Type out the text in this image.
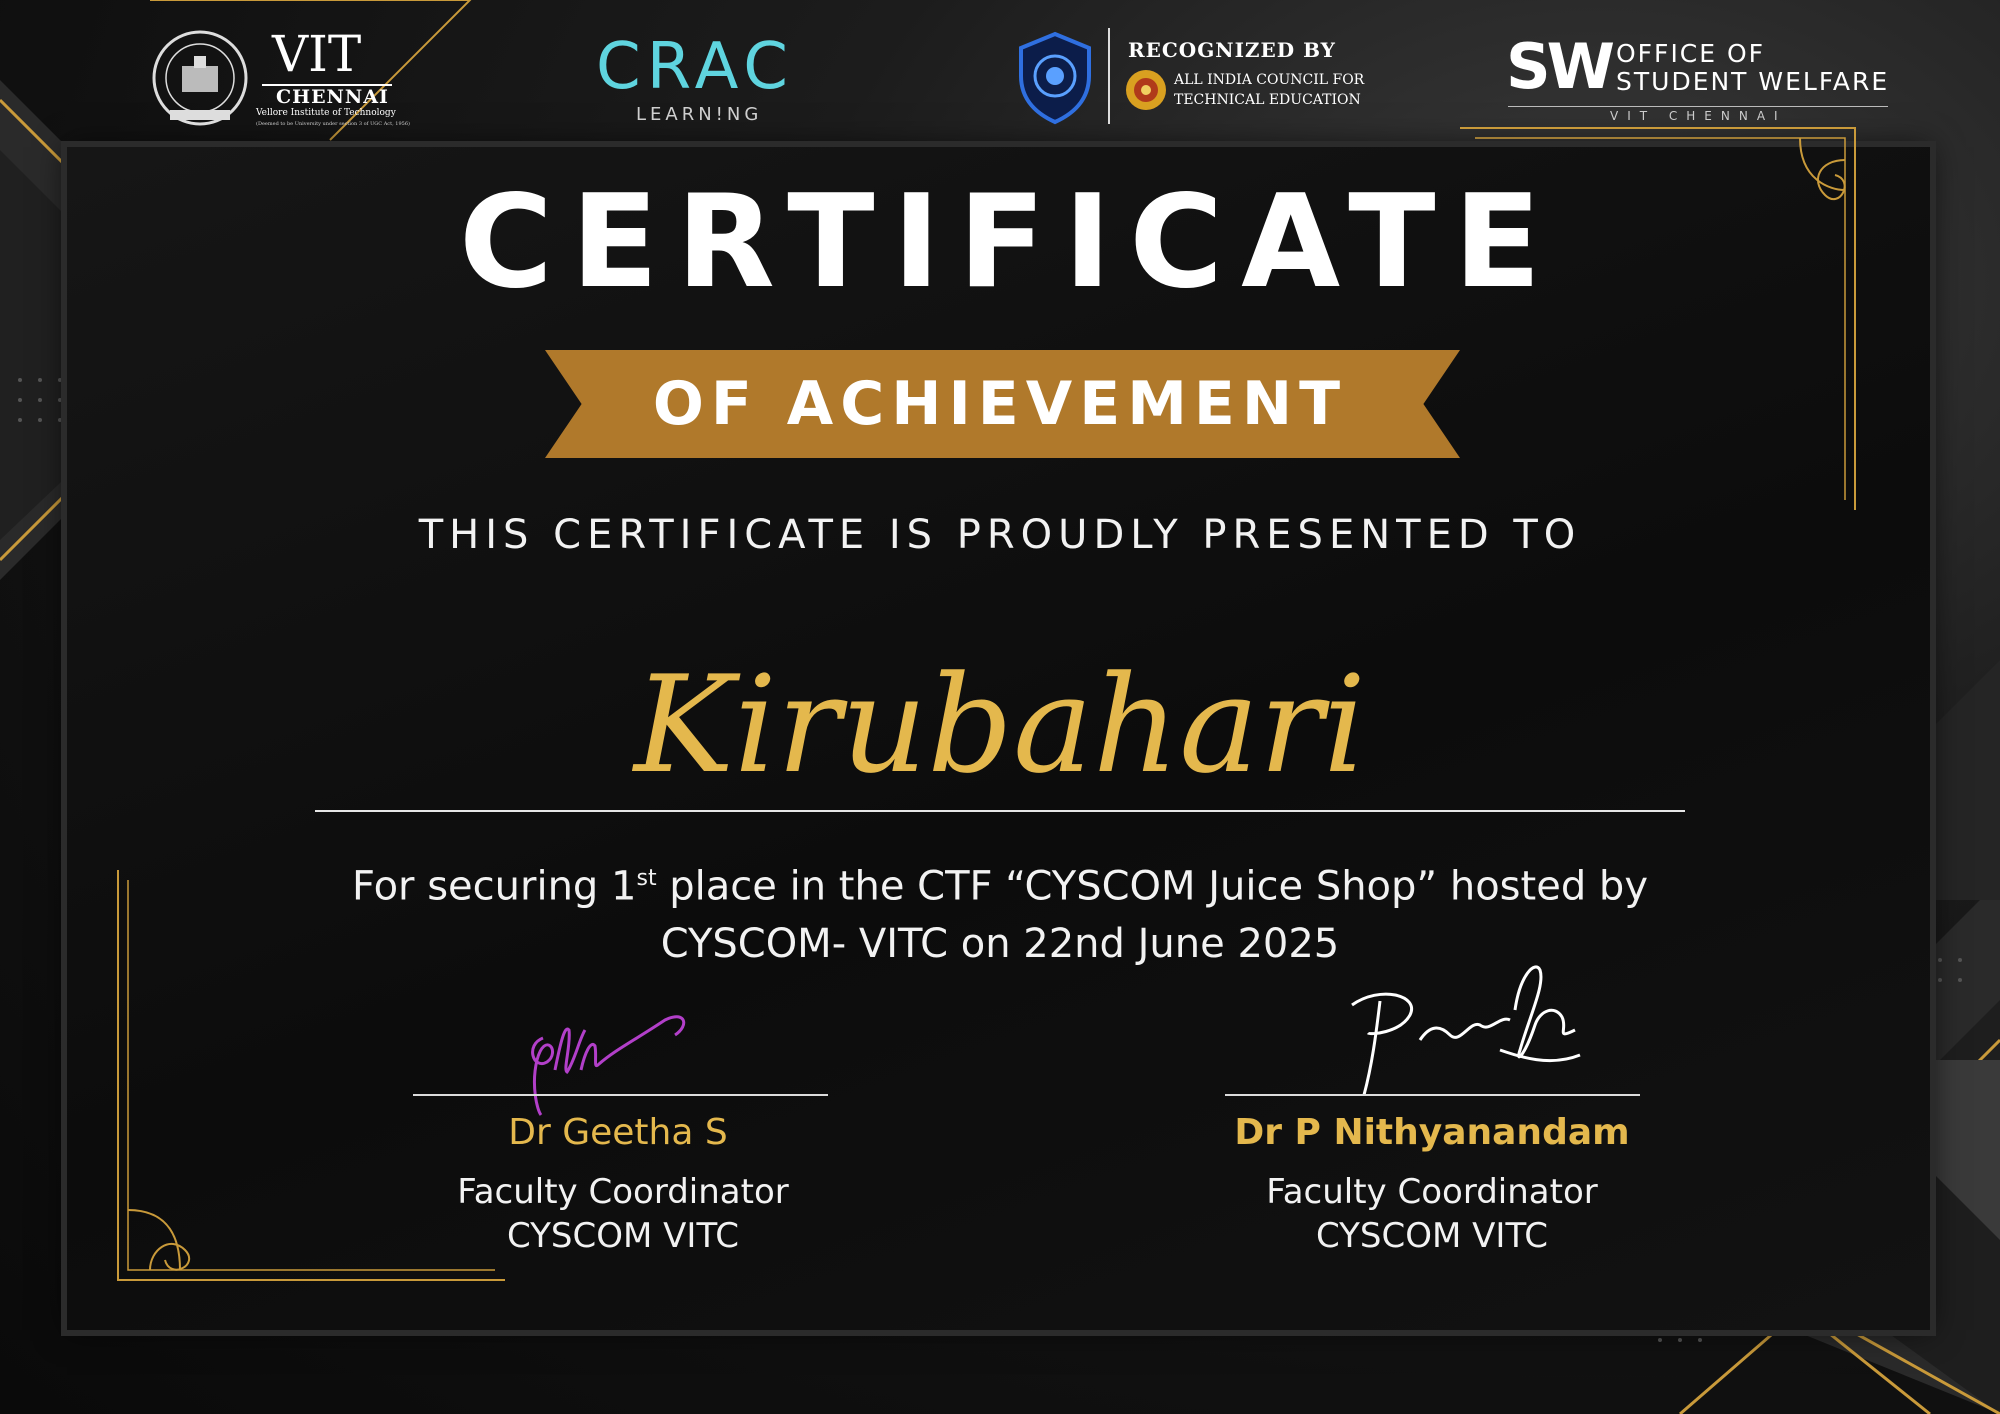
VIT
CHENNAI
Vellore Institute of Technology
(Deemed to be University under section 3 of UGC Act, 1956)
CRAC
LEARN!NG
RECOGNIZED BY
ALL INDIA COUNCIL FOR
TECHNICAL EDUCATION SW OFFICE OF
STUDENT WELFARE
VIT CHENNAI
CERTIFICATE
OF ACHIEVEMENT
THIS CERTIFICATE IS PROUDLY PRESENTED TO
Kirubahari
For securing 1st place in the CTF “CYSCOM Juice Shop” hosted by
CYSCOM- VITC on 22nd June 2025
Dr Geetha S
Faculty Coordinator
CYSCOM VITC
Dr P Nithyanandam
Faculty Coordinator
CYSCOM VITC
